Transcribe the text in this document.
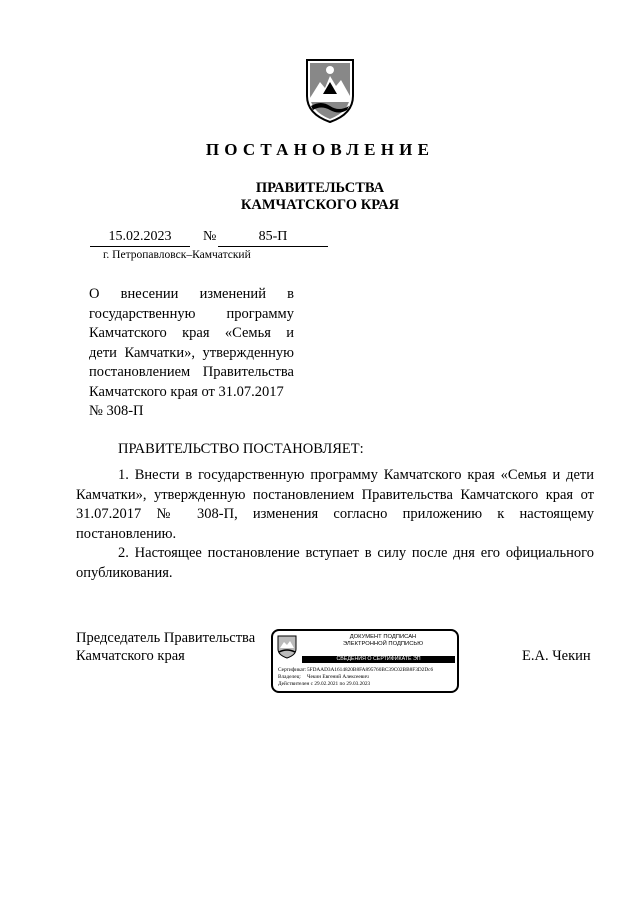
ПОСТАНОВЛЕНИЕ
ПРАВИТЕЛЬСТВА
КАМЧАТСКОГО КРАЯ
15.02.2023	№	85-П
г. Петропавловск–Камчатский
О внесении изменений в
государственную программу
Камчатского края «Семья и
дети Камчатки», утвержденную
постановлением Правительства
Камчатского края от 31.07.2017
№ 308-П
ПРАВИТЕЛЬСТВО ПОСТАНОВЛЯЕТ:
1. Внести в государственную программу Камчатского края «Семья и дети
Камчатки», утвержденную постановлением Правительства Камчатского края от
31.07.2017 № 308-П, изменения согласно приложению к настоящему
постановлению.
2. Настоящее постановление вступает в силу после дня его официального
опубликования.
Председатель Правительства
Камчатского края	Е.А. Чекин
ДОКУМЕНТ ПОДПИСАН
ЭЛЕКТРОННОЙ ПОДПИСЬЮ
СВЕДЕНИЯ О СЕРТИФИКАТЕ ЭП
Сертификат:5FDAAD3A1614820B8FA895760BC39C02BB8F3D2Dc6
Владелец: Чекин Евгений Алексеевич
Действителен с 29.02.2021 по 29.03.2023
